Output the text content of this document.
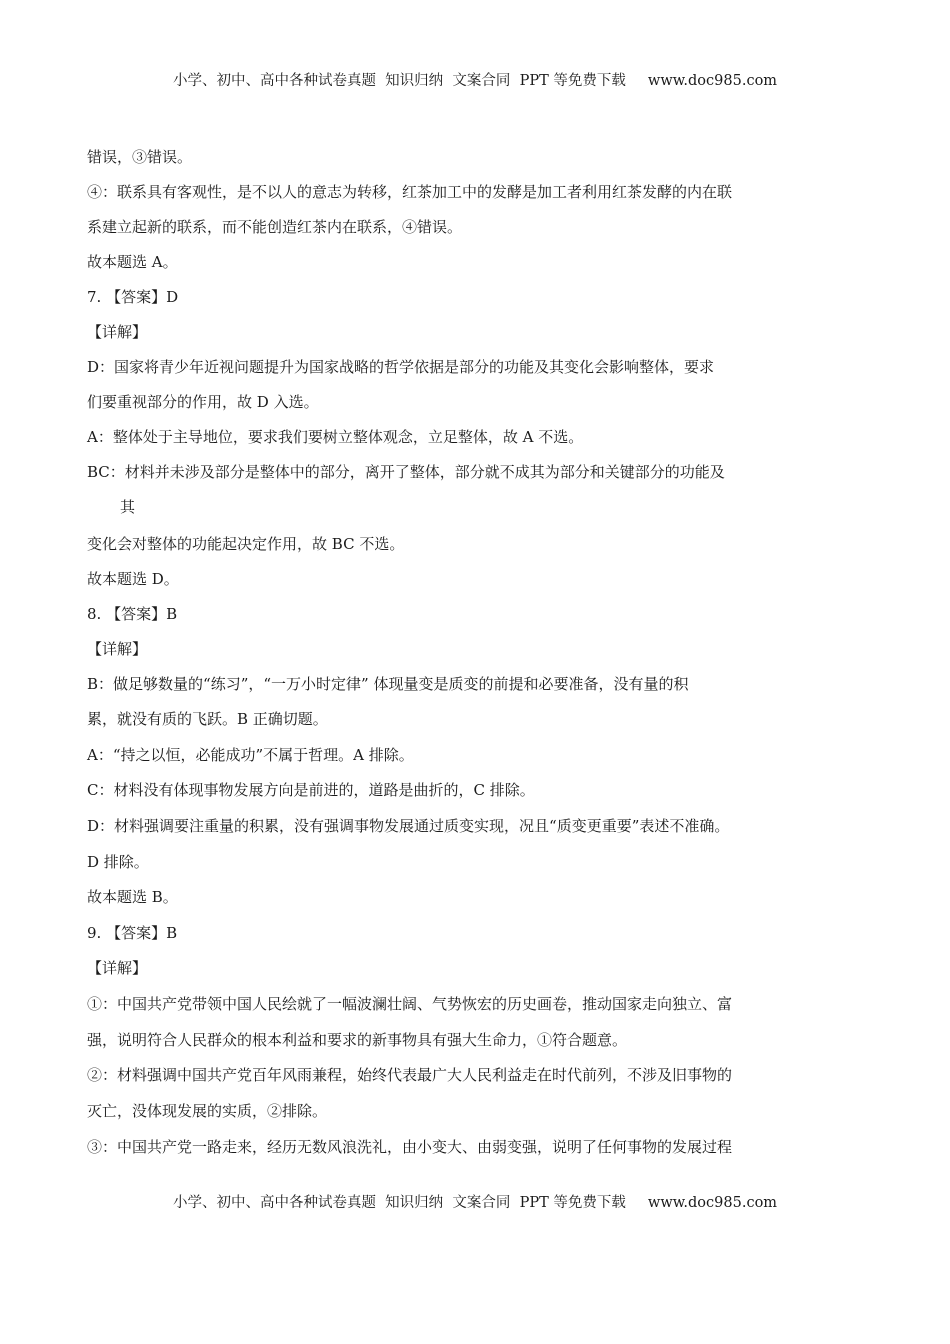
小学、初中、高中各种试卷真题  知识归纳  文案合同  PPT 等免费下载 www.doc985.com
错误，③错误。
④：联系具有客观性，是不以人的意志为转移，红茶加工中的发酵是加工者利用红茶发酵的内在联
系建立起新的联系，而不能创造红茶内在联系，④错误。
故本题选 A。
7. 【答案】D
【详解】
D：国家将青少年近视问题提升为国家战略的哲学依据是部分的功能及其变化会影响整体，要求
们要重视部分的作用，故 D 入选。
A：整体处于主导地位，要求我们要树立整体观念，立足整体，故 A 不选。
BC：材料并未涉及部分是整体中的部分，离开了整体，部分就不成其为部分和关键部分的功能及
其
变化会对整体的功能起决定作用，故 BC 不选。
故本题选 D。
8. 【答案】B
【详解】
B：做足够数量的“练习”，“一万小时定律” 体现量变是质变的前提和必要准备，没有量的积
累，就没有质的飞跃。B 正确切题。
A：“持之以恒，必能成功”不属于哲理。A 排除。
C：材料没有体现事物发展方向是前进的，道路是曲折的，C 排除。
D：材料强调要注重量的积累，没有强调事物发展通过质变实现，况且“质变更重要”表述不准确。
D 排除。
故本题选 B。
9. 【答案】B
【详解】
①：中国共产党带领中国人民绘就了一幅波澜壮阔、气势恢宏的历史画卷，推动国家走向独立、富
强，说明符合人民群众的根本利益和要求的新事物具有强大生命力，①符合题意。
②：材料强调中国共产党百年风雨兼程，始终代表最广大人民利益走在时代前列，不涉及旧事物的
灭亡，没体现发展的实质，②排除。
③：中国共产党一路走来，经历无数风浪洗礼，由小变大、由弱变强，说明了任何事物的发展过程
小学、初中、高中各种试卷真题  知识归纳  文案合同  PPT 等免费下载 www.doc985.com
